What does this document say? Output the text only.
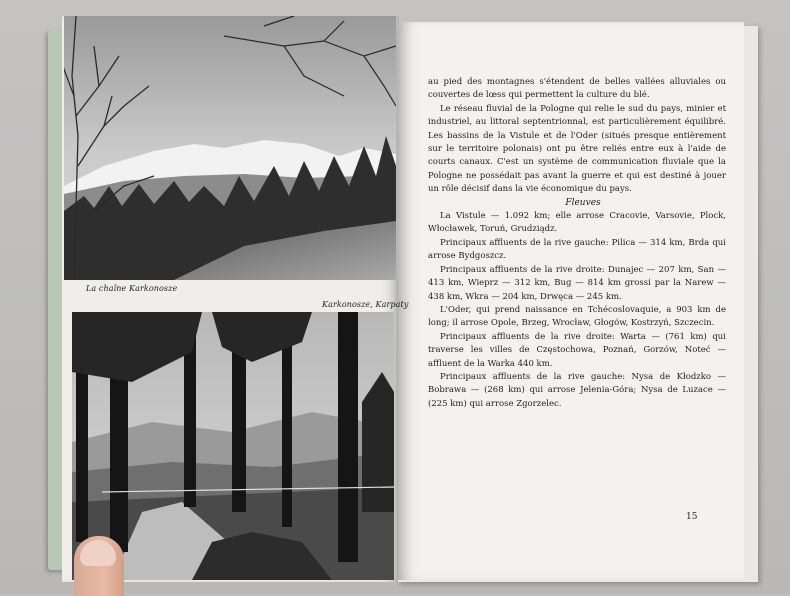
La chaîne Karkonosze
Karkonosze, Karpaty

au pied des montagnes s'étendent de belles vallées alluviales ou couvertes de lœss qui permettent la culture du blé.

Le réseau fluvial de la Pologne qui relie le sud du pays, minier et industriel, au littoral septentrionnal, est particulièrement équilibré. Les bassins de la Vistule et de l'Oder (situés presque entièrement sur le territoire polonais) ont pu être reliés entre eux à l'aide de courts canaux. C'est un système de communication fluviale que la Pologne ne possédait pas avant la guerre et qui est destiné à jouer un rôle décisif dans la vie économique du pays.

Fleuves

La Vistule — 1.092 km; elle arrose Cracovie, Varsovie, Plock, Włocławek, Toruń, Grudziądz.

Principaux affluents de la rive gauche: Pilica — 314 km, Brda qui arrose Bydgoszcz.

Principaux affluents de la rive droite: Dunajec — 207 km, San — 413 km, Wieprz — 312 km, Bug — 814 km grossi par la Narew — 438 km, Wkra — 204 km, Drwęca — 245 km.

L'Oder, qui prend naissance en Tchécoslovaquie, a 903 km de long; il arrose Opole, Brzeg, Wrocław, Głogów, Kostrzyń, Szczecin.

Principaux affluents de la rive droite: Warta — (761 km) qui traverse les villes de Częstochowa, Poznań, Gorzów, Noteć — affluent de la Warka 440 km.

Principaux affluents de la rive gauche: Nysa de Kłodzko — Bobrawa — (268 km) qui arrose Jelenia-Góra; Nysa de Luzace — (225 km) qui arrose Zgorzelec.

15
